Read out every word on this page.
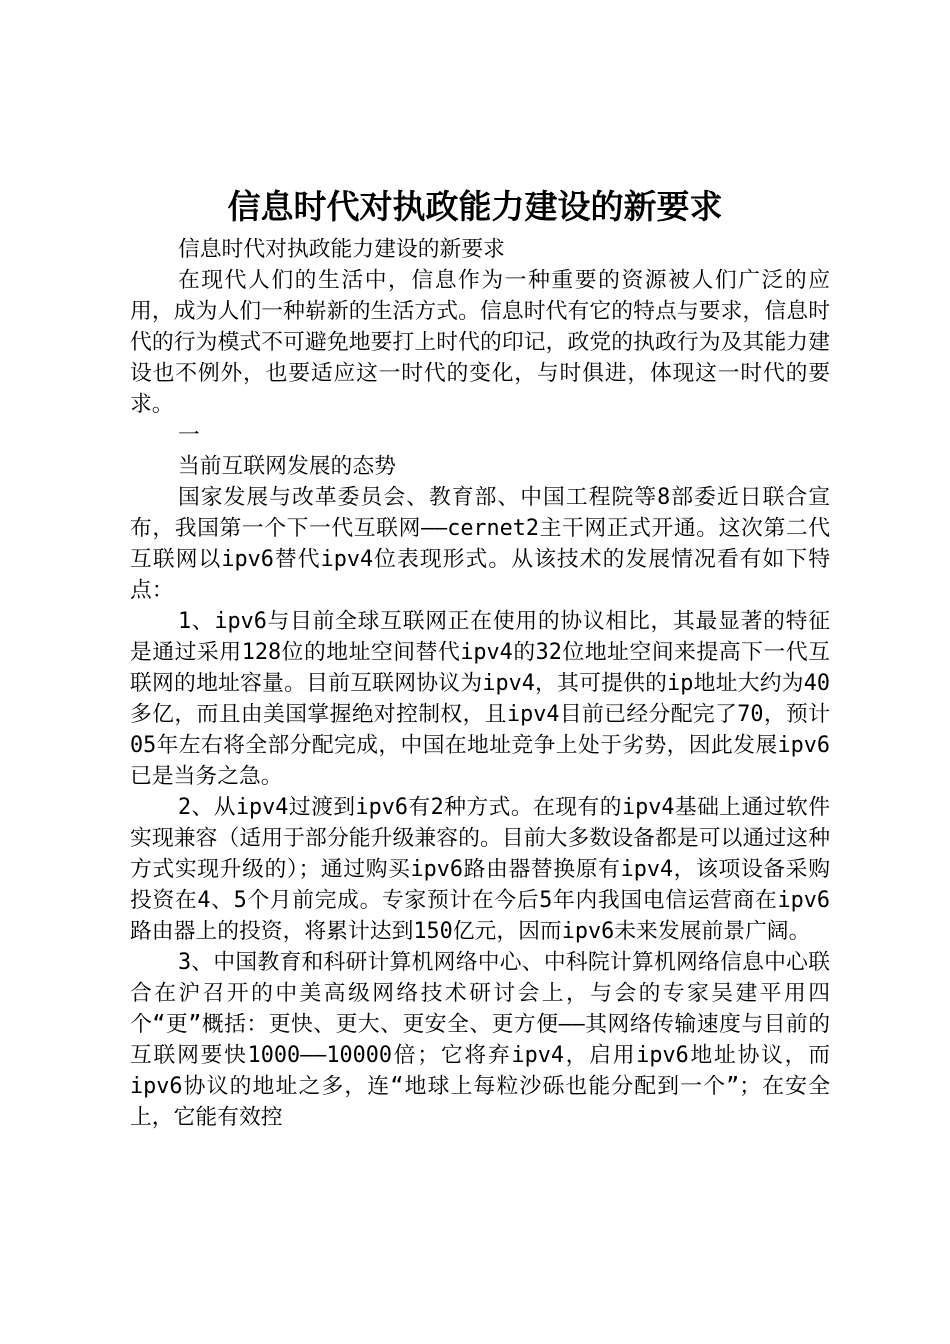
信息时代对执政能力建设的新要求

信息时代对执政能力建设的新要求

在现代人们的生活中，信息作为一种重要的资源被人们广泛的应用，成为人们一种崭新的生活方式。信息时代有它的特点与要求，信息时代的行为模式不可避免地要打上时代的印记，政党的执政行为及其能力建设也不例外，也要适应这一时代的变化，与时俱进，体现这一时代的要求。

一

当前互联网发展的态势

国家发展与改革委员会、教育部、中国工程院等8部委近日联合宣布，我国第一个下一代互联网——cernet2主干网正式开通。这次第二代互联网以ipv6替代ipv4位表现形式。从该技术的发展情况看有如下特点：

1、ipv6与目前全球互联网正在使用的协议相比，其最显著的特征是通过采用128位的地址空间替代ipv4的32位地址空间来提高下一代互联网的地址容量。目前互联网协议为ipv4，其可提供的ip地址大约为40多亿，而且由美国掌握绝对控制权，且ipv4目前已经分配完了70，预计05年左右将全部分配完成，中国在地址竞争上处于劣势，因此发展ipv6已是当务之急。

2、从ipv4过渡到ipv6有2种方式。在现有的ipv4基础上通过软件实现兼容（适用于部分能升级兼容的。目前大多数设备都是可以通过这种方式实现升级的）；通过购买ipv6路由器替换原有ipv4，该项设备采购投资在4、5个月前完成。专家预计在今后5年内我国电信运营商在ipv6路由器上的投资，将累计达到150亿元，因而ipv6未来发展前景广阔。

3、中国教育和科研计算机网络中心、中科院计算机网络信息中心联合在沪召开的中美高级网络技术研讨会上，与会的专家吴建平用四个“更”概括：更快、更大、更安全、更方便——其网络传输速度与目前的互联网要快1000——10000倍；它将弃ipv4，启用ipv6地址协议，而ipv6协议的地址之多，连“地球上每粒沙砾也能分配到一个”；在安全上，它能有效控
